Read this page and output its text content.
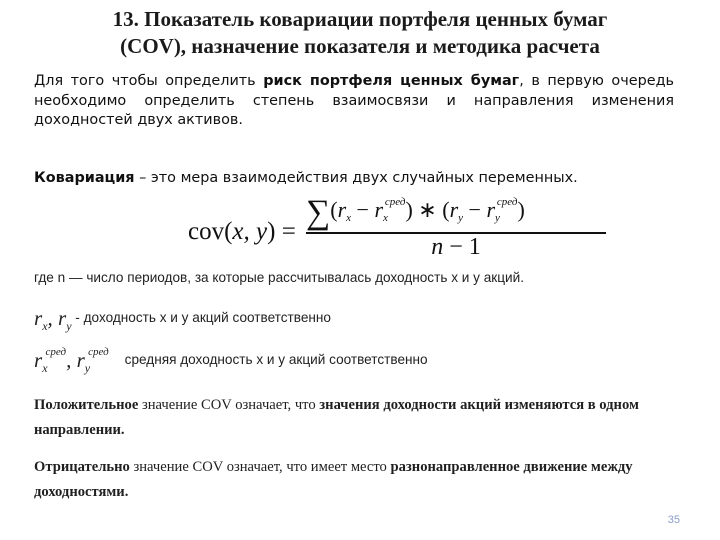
13. Показатель ковариации портфеля ценных бумаг
(COV), назначение показателя и методика расчета
Для того чтобы определить риск портфеля ценных бумаг, в первую очередь необходимо определить степень взаимосвязи и направления изменения доходностей двух активов.
Ковариация – это мера взаимодействия двух случайных переменных.
cov(x, y) =
$\sum(r_x - r_x^{сред})$ ∗ $(r_y - r_y^{сред})$
n − 1
где n — число периодов, за которые рассчитывалась доходность х и у акций.
$r_x$, $r_y$ - доходность х и у акций соответственно
$r_x^{сред}$, $r_y^{сред}$ средняя доходность х и у акций соответственно
Положительное значение COV означает, что значения доходности акций изменяются в одном направлении.
Отрицательно значение COV означает, что имеет место разнонаправленное движение между доходностями.
35
